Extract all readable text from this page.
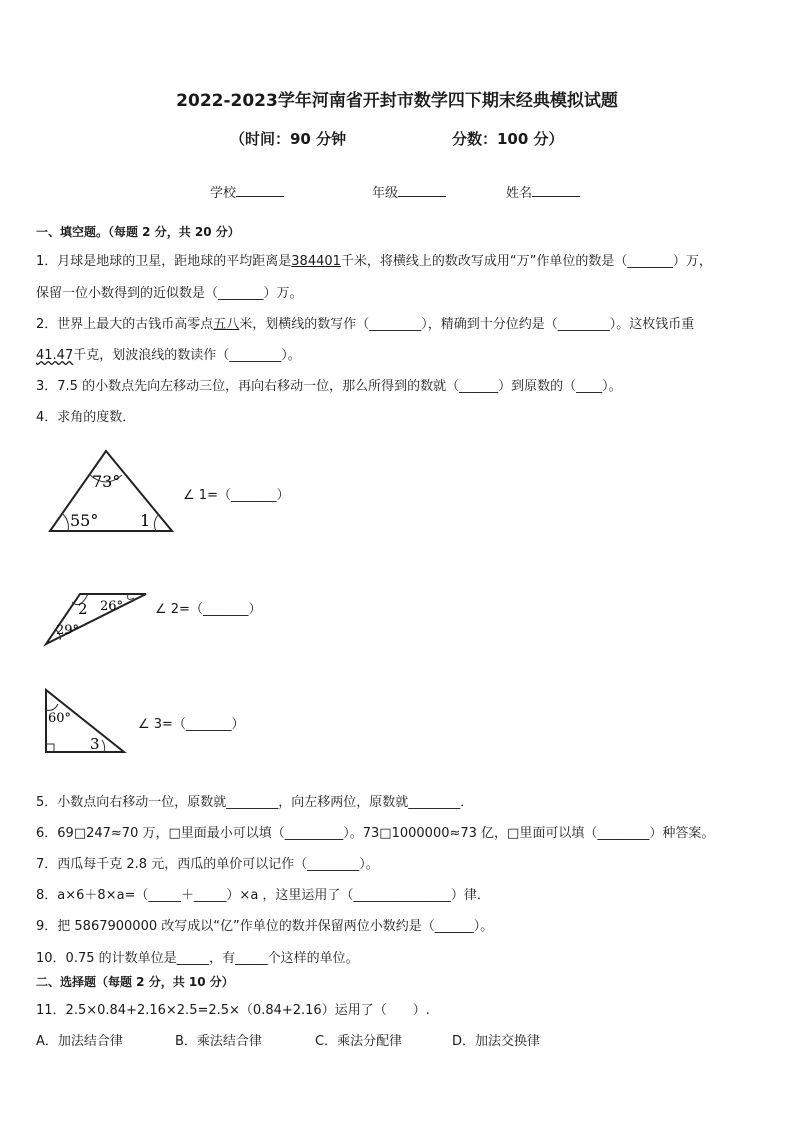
2022-2023学年河南省开封市数学四下期末经典模拟试题
（时间：90 分钟	分数：100 分）
学校	年级	姓名
一、填空题。（每题 2 分，共 20 分）
1．月球是地球的卫星，距地球的平均距离是384401千米，将横线上的数改写成用“万”作单位的数是（_______）万，
保留一位小数得到的近似数是（_______）万。
2．世界上最大的古钱币高零点五八米，划横线的数写作（________），精确到十分位约是（________）。这枚钱币重
41.47千克，划波浪线的数读作（________）。
3．7.5 的小数点先向左移动三位，再向右移动一位，那么所得到的数就（______）到原数的（____）。
4．求角的度数．
73°
55°	1
∠ 1=（_______）
2 26°
29°
∠ 2=（_______）
60°
3
∠ 3=（_______）
5．小数点向右移动一位，原数就________，向左移两位，原数就________．
6．69□247≈70 万，□里面最小可以填（_________）。73□1000000≈73 亿，□里面可以填（________）种答案。
7．西瓜每千克 2.8 元，西瓜的单价可以记作（________）。
8．a×6＋8×a=（_____＋_____）×a ，这里运用了（_______________）律．
9．把 5867900000 改写成以“亿”作单位的数并保留两位小数约是（______）。
10．0.75 的计数单位是_____，有_____个这样的单位。
二、选择题（每题 2 分，共 10 分）
11．2.5×0.84+2.16×2.5=2.5×（0.84+2.16）运用了（　　）.
A．加法结合律	B．乘法结合律	C．乘法分配律	D．加法交换律
